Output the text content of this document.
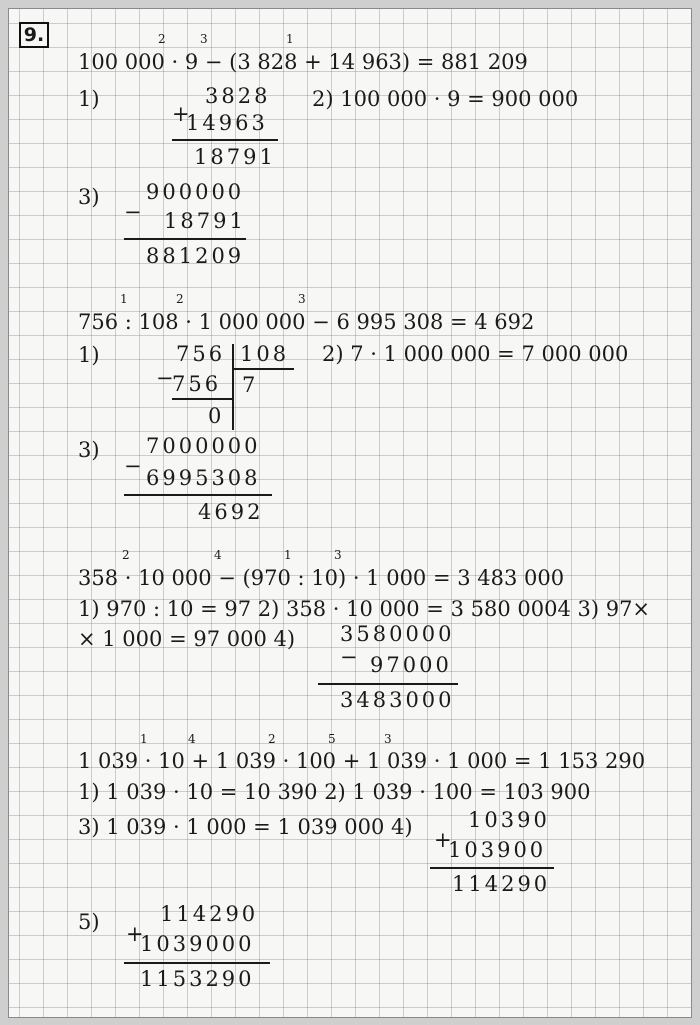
9.
100 000 · 9 − (3 828 + 14 963) = 881 209
2	3	1
1)	3828
+
14963
18791
2) 100 000 · 9 = 900 000
3) 900000
− 18791
881209
756 : 108 · 1 000 000 − 6 995 308 = 4 692
1	2	3
1)	756 108
−
756 7
0
2) 7 · 1 000 000 = 7 000 000
3) 7000000
− 6995308
4692
358 · 10 000 − (970 : 10) · 1 000 = 3 483 000
2	4	1	3
1) 970 : 10 = 97 2) 358 · 10 000 = 3 580 0004 3) 97×
× 1 000 = 97 000 4) 3580000
− 97000
3483000
1 039 · 10 + 1 039 · 100 + 1 039 · 1 000 = 1 153 290
1	4	2	5	3
1) 1 039 · 10 = 10 390 2) 1 039 · 100 = 103 900
3) 1 039 · 1 000 = 1 039 000 4)	10390
+
103900
114290
5)	114290
+
1039000
1153290
